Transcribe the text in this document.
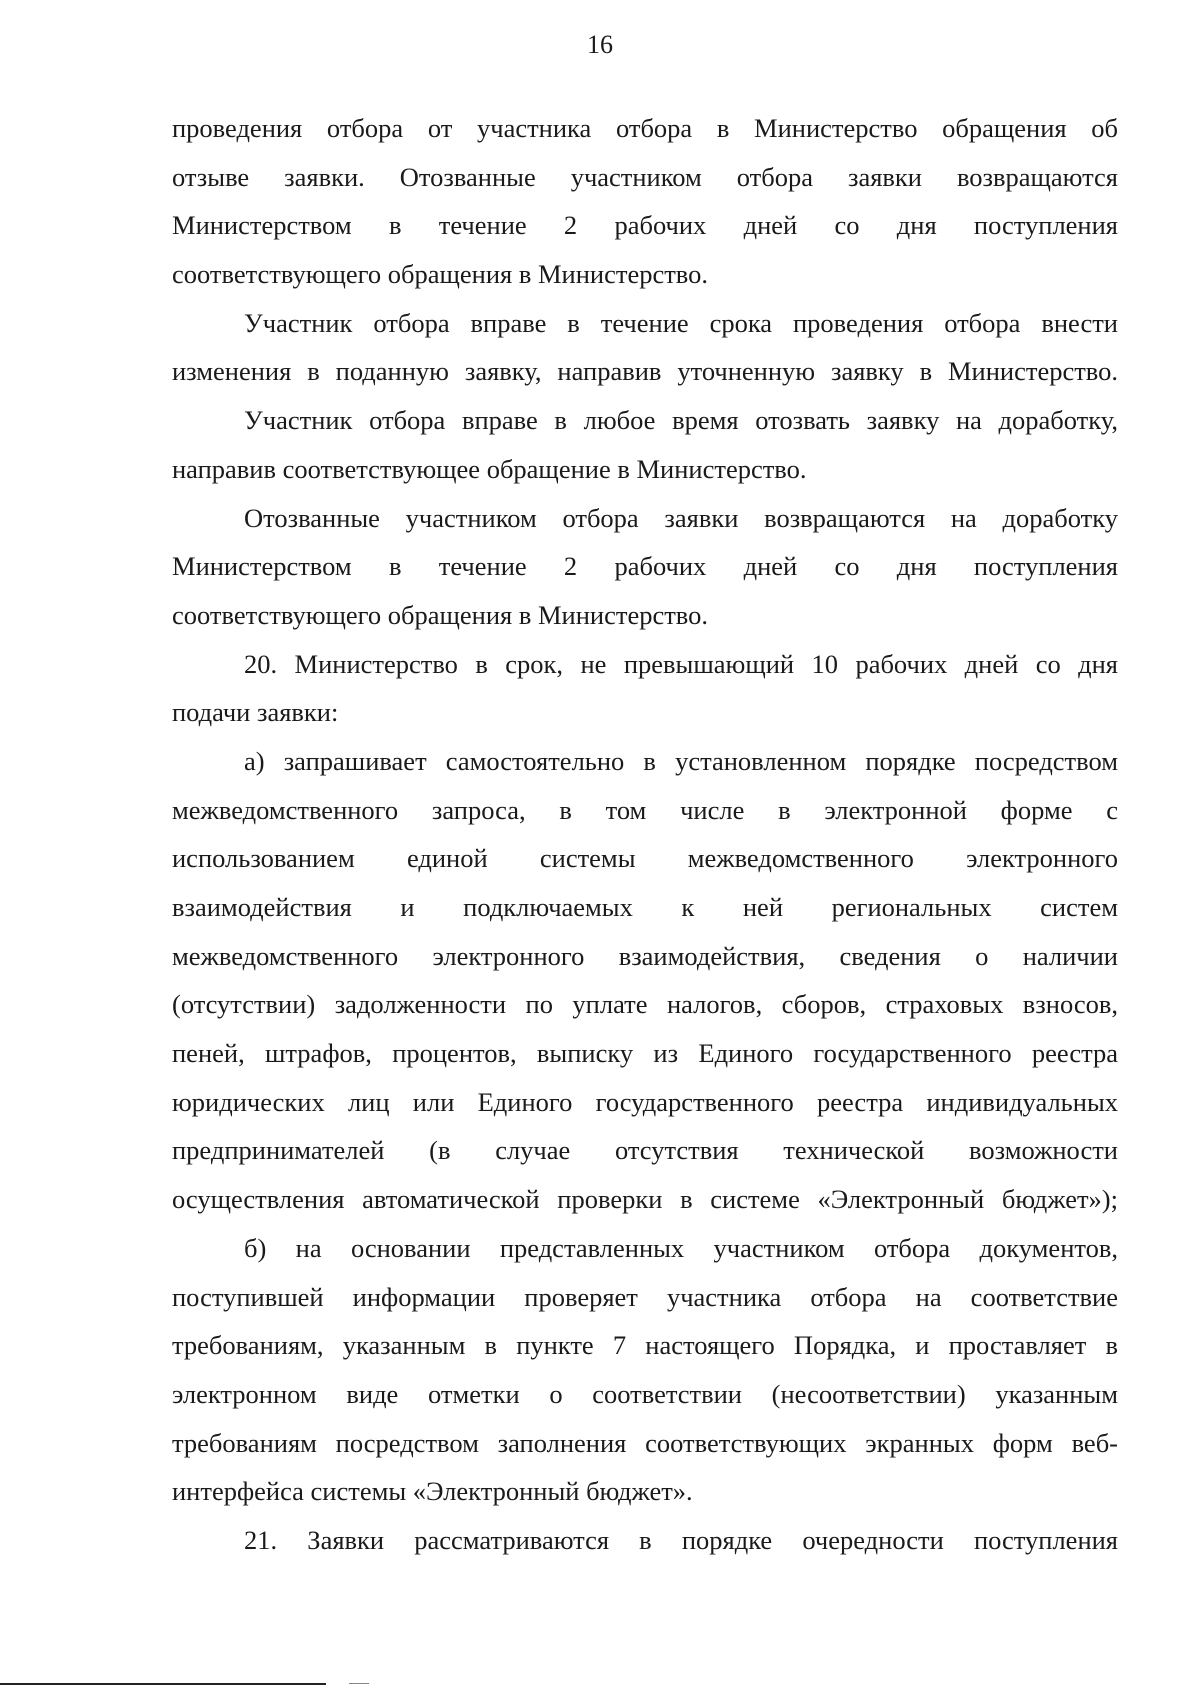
16
проведения отбора от участника отбора в Министерство обращения об
отзыве заявки. Отозванные участником отбора заявки возвращаются
Министерством в течение 2 рабочих дней со дня поступления
соответствующего обращения в Министерство.
Участник отбора вправе в течение срока проведения отбора внести
изменения в поданную заявку, направив уточненную заявку в Министерство.
Участник отбора вправе в любое время отозвать заявку на доработку,
направив соответствующее обращение в Министерство.
Отозванные участником отбора заявки возвращаются на доработку
Министерством в течение 2 рабочих дней со дня поступления
соответствующего обращения в Министерство.
20. Министерство в срок, не превышающий 10 рабочих дней со дня
подачи заявки:
а) запрашивает самостоятельно в установленном порядке посредством
межведомственного запроса, в том числе в электронной форме с
использованием единой системы межведомственного электронного
взаимодействия и подключаемых к ней региональных систем
межведомственного электронного взаимодействия, сведения о наличии
(отсутствии) задолженности по уплате налогов, сборов, страховых взносов,
пеней, штрафов, процентов, выписку из Единого государственного реестра
юридических лиц или Единого государственного реестра индивидуальных
предпринимателей (в случае отсутствия технической возможности
осуществления автоматической проверки в системе «Электронный бюджет»);
б) на основании представленных участником отбора документов,
поступившей информации проверяет участника отбора на соответствие
требованиям, указанным в пункте 7 настоящего Порядка, и проставляет в
электронном виде отметки о соответствии (несоответствии) указанным
требованиям посредством заполнения соответствующих экранных форм веб-
интерфейса системы «Электронный бюджет».
21. Заявки рассматриваются в порядке очередности поступления
